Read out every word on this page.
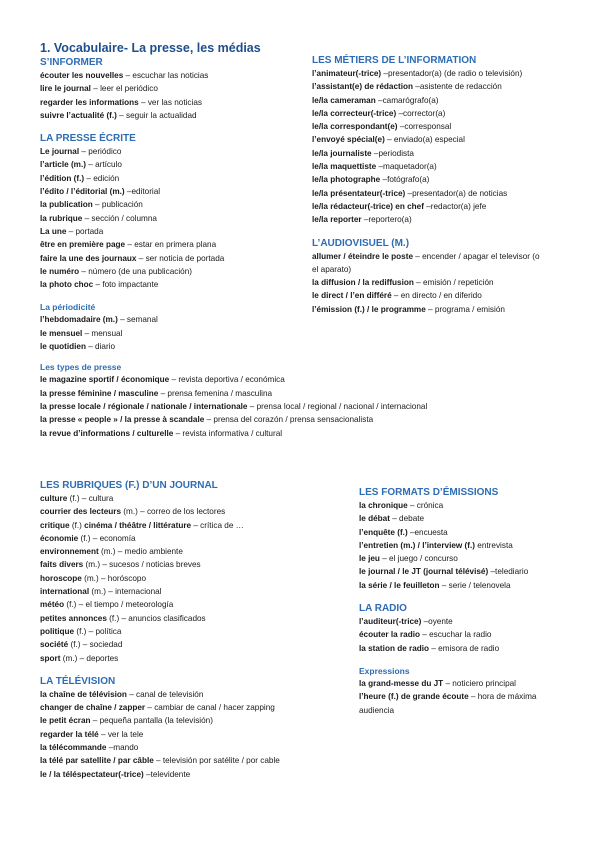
1. Vocabulaire- La presse, les médias
S’INFORMER
écouter les nouvelles – escuchar las noticias
lire le journal – leer el periódico
regarder les informations – ver las noticias
suivre l’actualité (f.) – seguir la actualidad
LA PRESSE ÉCRITE
Le journal – periódico
l’article (m.) – artículo
l’édition (f.) – edición
l’édito / l’éditorial (m.) –editorial
la publication – publicación
la rubrique – sección / columna
La une – portada
être en première page – estar en primera plana
faire la une des journaux – ser noticia de portada
le numéro – número (de una publicación)
la photo choc – foto impactante
La périodicité
l’hebdomadaire (m.) – semanal
le mensuel – mensual
le quotidien – diario
Les types de presse
le magazine sportif / économique – revista deportiva / económica
la presse féminine / masculine – prensa femenina / masculina
la presse locale / régionale / nationale / internationale – prensa local / regional / nacional / internacional
la presse « people » / la presse à scandale – prensa del corazón / prensa sensacionalista
la revue d’informations / culturelle – revista informativa / cultural
LES MÉTIERS DE L’INFORMATION
l’animateur(-trice) –presentador(a) (de radio o televisión)
l’assistant(e) de rédaction –asistente de redacción
le/la cameraman –camarógrafo(a)
le/la correcteur(-trice) –corrector(a)
le/la correspondant(e) –corresponsal
l’envoyé spécial(e) – enviado(a) especial
le/la journaliste –periodista
le/la maquettiste –maquetador(a)
le/la photographe –fotógrafo(a)
le/la présentateur(-trice) –presentador(a) de noticias
le/la rédacteur(-trice) en chef –redactor(a) jefe
le/la reporter –reportero(a)
L’AUDIOVISUEL (M.)
allumer / éteindre le poste – encender / apagar el televisor (o el aparato)
la diffusion / la rediffusion – emisión / repetición
le direct / l’en différé – en directo / en diferido
l’émission (f.) / le programme – programa / emisión
LES RUBRIQUES (F.) D’UN JOURNAL
culture (f.) – cultura
courrier des lecteurs (m.) – correo de los lectores
critique (f.) cinéma / théâtre / littérature – crítica de …
économie (f.) – economía
environnement (m.) – medio ambiente
faits divers (m.) – sucesos / noticias breves
horoscope (m.) – horóscopo
international (m.) – internacional
météo (f.) – el tiempo / meteorología
petites annonces (f.) – anuncios clasificados
politique (f.) – política
société (f.) – sociedad
sport (m.) – deportes
LA TÉLÉVISION
la chaîne de télévision – canal de televisión
changer de chaîne / zapper – cambiar de canal / hacer zapping
le petit écran – pequeña pantalla (la televisión)
regarder la télé – ver la tele
la télécommande –mando
la télé par satellite / par câble – televisión por satélite / por cable
le / la téléspectateur(-trice) –televidente
LES FORMATS D’ÉMISSIONS
la chronique – crónica
le débat – debate
l’enquête (f.) –encuesta
l’entretien (m.) / l’interview (f.) entrevista
le jeu – el juego / concurso
le journal / le JT (journal télévisé) –telediario
la série / le feuilleton – serie / telenovela
LA RADIO
l’auditeur(-trice) –oyente
écouter la radio – escuchar la radio
la station de radio – emisora de radio
Expressions
la grand-messe du JT – noticiero principal
l’heure (f.) de grande écoute – hora de máxima audiencia
